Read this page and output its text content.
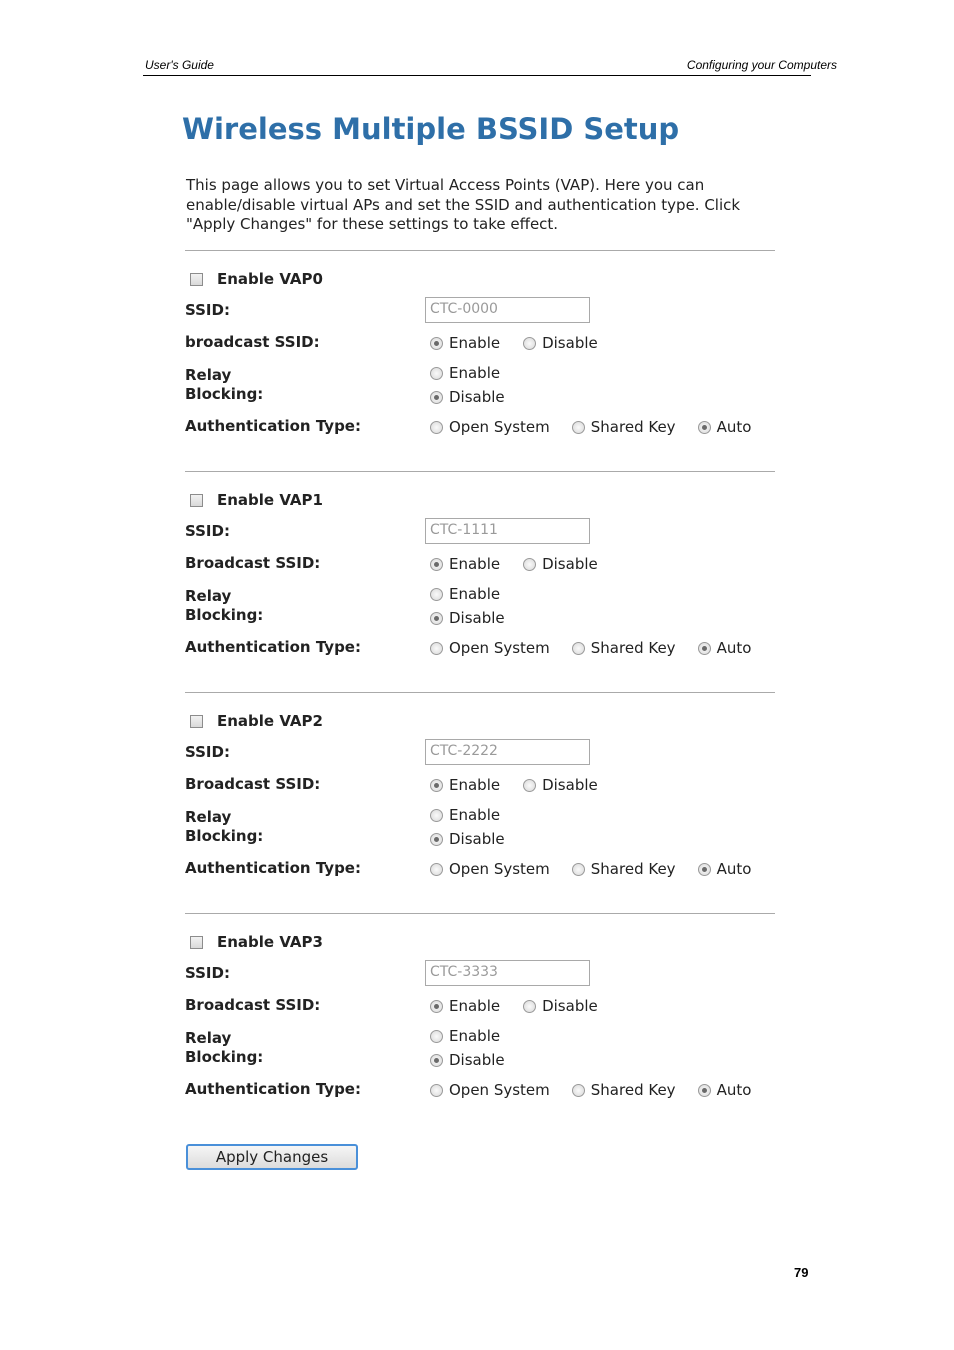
User's Guide	Configuring your Computers
Wireless Multiple BSSID Setup
This page allows you to set Virtual Access Points (VAP). Here you can enable/disable virtual APs and set the SSID and authentication type. Click "Apply Changes" for these settings to take effect.
Enable VAP0
SSID:	CTC-0000
broadcast SSID:	Enable	Disable
Relay
Blocking:
Enable
Disable
Authentication Type:	Open System	Shared Key	Auto
Enable VAP1
SSID:	CTC-1111
Broadcast SSID:	Enable	Disable
Relay
Blocking:
Enable
Disable
Authentication Type:	Open System	Shared Key	Auto
Enable VAP2
SSID:	CTC-2222
Broadcast SSID:	Enable	Disable
Relay
Blocking:
Enable
Disable
Authentication Type:	Open System	Shared Key	Auto
Enable VAP3
SSID:	CTC-3333
Broadcast SSID:	Enable	Disable
Relay
Blocking:
Enable
Disable
Authentication Type:	Open System	Shared Key	Auto
Apply Changes
79
